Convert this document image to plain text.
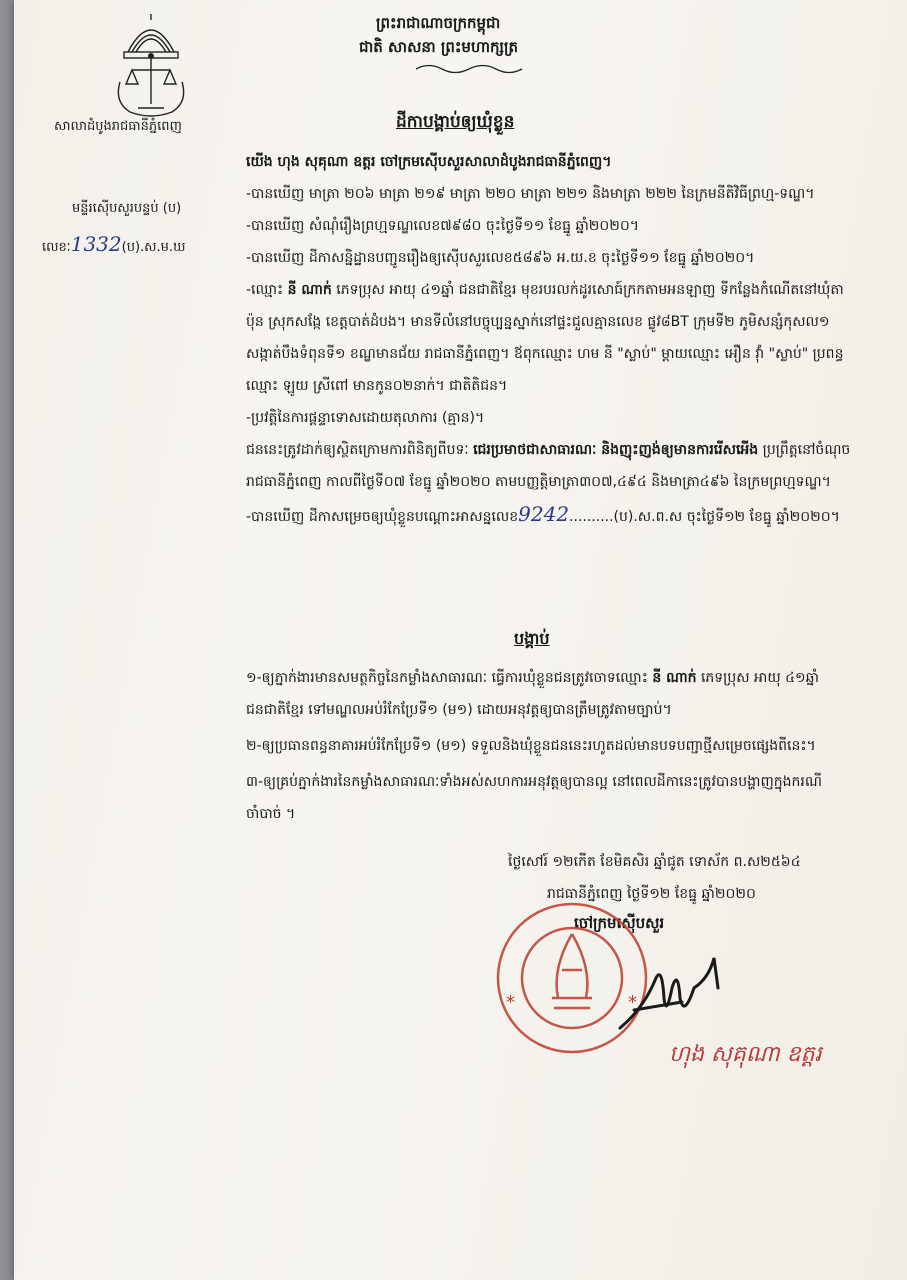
សាលាដំបូងរាជធានីភ្នំពេញ
មន្ទីរស៊ើបសួរបន្ទប់ (ប)
លេខៈ1332(ប).ស.ម.ឃ
ព្រះរាជាណាចក្រកម្ពុជា
ជាតិ សាសនា ព្រះមហាក្សត្រ
ដីកាបង្គាប់ឲ្យឃុំខ្លួន

យើង ហុង សុគុណា ឧត្តរ ចៅក្រមស៊ើបសួរសាលាដំបូងរាជធានីភ្នំពេញ។

-បានឃើញ មាត្រា ២០៦ មាត្រា ២១៩ មាត្រា ២២០ មាត្រា ២២១ និងមាត្រា ២២២ នៃក្រមនីតិវិធីព្រហ្ម-ទណ្ឌ។

-បានឃើញ សំណុំរឿងព្រហ្មទណ្ឌលេខ៧៩៨០ ចុះថ្ងៃទី១១ ខែធ្នូ ឆ្នាំ២០២០។

-បានឃើញ ដីកាសន្និដ្ឋានបញ្ជូនរឿងឲ្យស៊ើបសួរលេខ៥៨៩៦ អ.យ.ខ ចុះថ្ងៃទី១១ ខែធ្នូ ឆ្នាំ២០២០។

-ឈ្មោះ នី ណាក់ ភេទប្រុស អាយុ ៤១ឆ្នាំ ជនជាតិខ្មែរ មុខរបរលក់ដូរសោធ៍ក្រកតាមអនឡាញ ទីកន្លែងកំណើតនៅឃុំតាប៉ុន ស្រុកសង្កែ ខេត្តបាត់ដំបង។ មានទីលំនៅបច្ចុប្បន្នស្នាក់នៅផ្ទះជួលគ្មានលេខ ផ្លូវ៨BT ក្រុមទី២ ភូមិសន្សំកុសល១ សង្កាត់បឹងទំពុនទី១ ខណ្ឌមានជ័យ រាជធានីភ្នំពេញ។ ឪពុកឈ្មោះ ហម នី "ស្លាប់" ម្ដាយឈ្មោះ អឿន វ៉ាំ "ស្លាប់" ប្រពន្ធឈ្មោះ ឡូយ ស្រីពៅ មានកូន០២នាក់។ ជាតិតិជន។

-ប្រវត្តិនៃការផ្ដន្ទាទោសដោយតុលាការ (គ្មាន)។

ជននេះត្រូវដាក់ឲ្យស្ថិតក្រោមការពិនិត្យពីបទៈ ជេរប្រមាថជាសាធារណៈ និងញុះញង់ឲ្យមានការរើសអើង ប្រព្រឹត្តនៅចំណុចរាជធានីភ្នំពេញ កាលពីថ្ងៃទី០៧ ខែធ្នូ ឆ្នាំ២០២០ តាមបញ្ញត្តិមាត្រា៣០៧,៤៩៤ និងមាត្រា៤៩៦ នៃក្រមព្រហ្មទណ្ឌ។

-បានឃើញ ដីកាសម្រេចឲ្យឃុំខ្លួនបណ្ដោះអាសន្នលេខ9242..........(ប).ស.ព.ស ចុះថ្ងៃទី១២ ខែធ្នូ ឆ្នាំ២០២០។

បង្គាប់

១-ឲ្យភ្នាក់ងារមានសមត្ថកិច្ចនៃកម្លាំងសាធារណៈ ធ្វើការឃុំខ្លួនជនត្រូវចោទឈ្មោះ នី ណាក់ ភេទប្រុស អាយុ ៤១ឆ្នាំ ជនជាតិខ្មែរ ទៅមណ្ឌលអប់រំកែប្រែទី១ (ម១) ដោយអនុវត្តឲ្យបានត្រឹមត្រូវតាមច្បាប់។

២-ឲ្យប្រធានពន្ធនាគារអប់រំកែប្រែទី១ (ម១) ទទួលនិងឃុំខ្លួនជននេះរហូតដល់មានបទបញ្ជាថ្មីសម្រេចផ្សេងពីនេះ។

៣-ឲ្យគ្រប់ភ្នាក់ងារនៃកម្លាំងសាធារណៈទាំងអស់សហការអនុវត្តឲ្យបានល្អ នៅពេលដីកានេះត្រូវបានបង្ហាញក្នុងករណីចាំបាច់ ។

ថ្ងៃសៅរ៍ ១២កើត ខែមិគសិរ ឆ្នាំជូត ទោស័ក ព.ស២៥៦៤
រាជធានីភ្នំពេញ ថ្ងៃទី១២ ខែធ្នូ ឆ្នាំ២០២០
ចៅក្រមស៊ើបសួរ
*	*
ហុង សុគុណា ឧត្តរ
